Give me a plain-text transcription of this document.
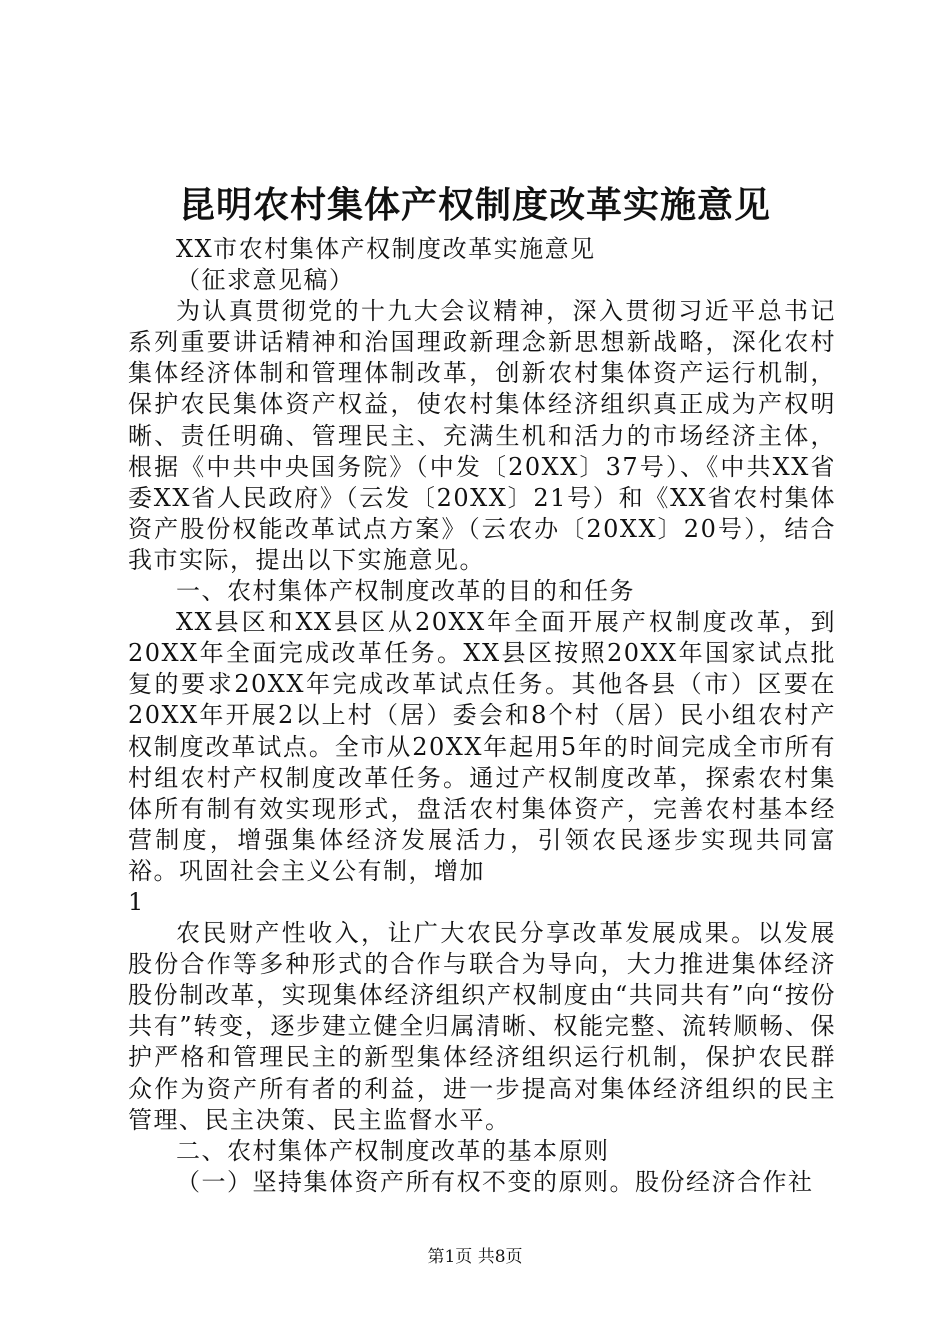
昆明农村集体产权制度改革实施意见

XX市农村集体产权制度改革实施意见

（征求意见稿）

为认真贯彻党的十九大会议精神，深入贯彻习近平总书记系列重要讲话精神和治国理政新理念新思想新战略，深化农村集体经济体制和管理体制改革，创新农村集体资产运行机制，保护农民集体资产权益，使农村集体经济组织真正成为产权明晰、责任明确、管理民主、充满生机和活力的市场经济主体，根据《中共中央国务院》（中发〔20XX〕37号）、《中共XX省委XX省人民政府》（云发〔20XX〕21号）和《XX省农村集体资产股份权能改革试点方案》（云农办〔20XX〕20号），结合我市实际，提出以下实施意见。

一、农村集体产权制度改革的目的和任务

XX县区和XX县区从20XX年全面开展产权制度改革，到20XX年全面完成改革任务。XX县区按照20XX年国家试点批复的要求20XX年完成改革试点任务。其他各县（市）区要在20XX年开展2以上村（居）委会和8个村（居）民小组农村产权制度改革试点。全市从20XX年起用5年的时间完成全市所有村组农村产权制度改革任务。通过产权制度改革，探索农村集体所有制有效实现形式，盘活农村集体资产，完善农村基本经营制度，增强集体经济发展活力，引领农民逐步实现共同富裕。巩固社会主义公有制，增加

1

农民财产性收入，让广大农民分享改革发展成果。以发展股份合作等多种形式的合作与联合为导向，大力推进集体经济股份制改革，实现集体经济组织产权制度由“共同共有”向“按份共有”转变，逐步建立健全归属清晰、权能完整、流转顺畅、保护严格和管理民主的新型集体经济组织运行机制，保护农民群众作为资产所有者的利益，进一步提高对集体经济组织的民主管理、民主决策、民主监督水平。

二、农村集体产权制度改革的基本原则

（一）坚持集体资产所有权不变的原则。股份经济合作社

第1页 共8页
